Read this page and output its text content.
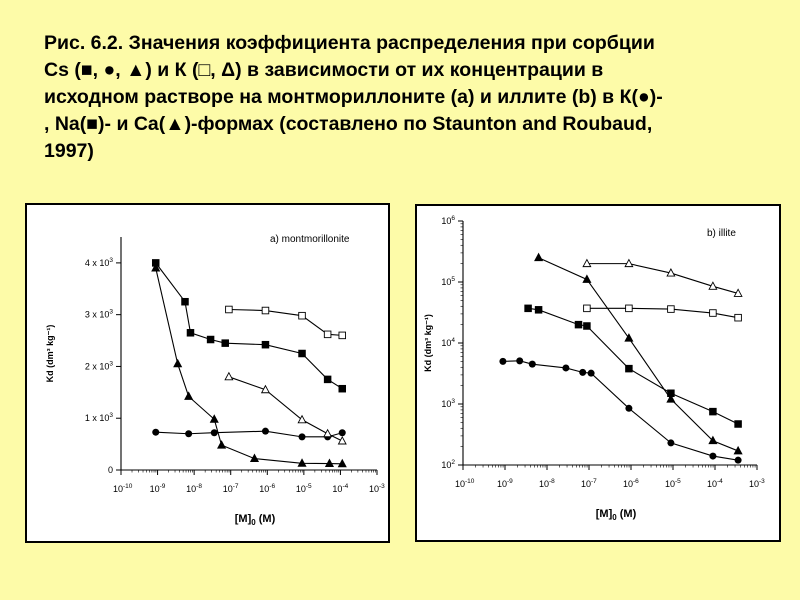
Рис. 6.2. Значения коэффициента распределения при сорбции
Cs (■, ●, ▲) и К (□, Δ) в зависимости от их концентрации в
исходном растворе на монтмориллоните (а) и иллите (b) в К(●)-
, Na(■)- и Ca(▲)-формах (составлено по Staunton and Roubaud,
1997)
$10^{-10}$ $10^{-9}$ $10^{-8}$ $10^{-7}$ $10^{-6}$ $10^{-5}$ $10^{-4}$ $10^{-3}$
0
1 x $10^3$
2 x $10^3$
3 x $10^3$
4 x $10^3$
a) montmorillonite
Kd (dm³ kg⁻¹)
$[M]_0$ (M)
$10^{-10}$	$10^{-9}$	$10^{-8}$	$10^{-7}$	$10^{-6}$	$10^{-5}$	$10^{-4}$	$10^{-3}$
$10^2$
$10^3$
$10^4$
$10^5$
$10^6$
b) illite
Kd (dm³ kg⁻¹)
$[M]_0$ (M)
